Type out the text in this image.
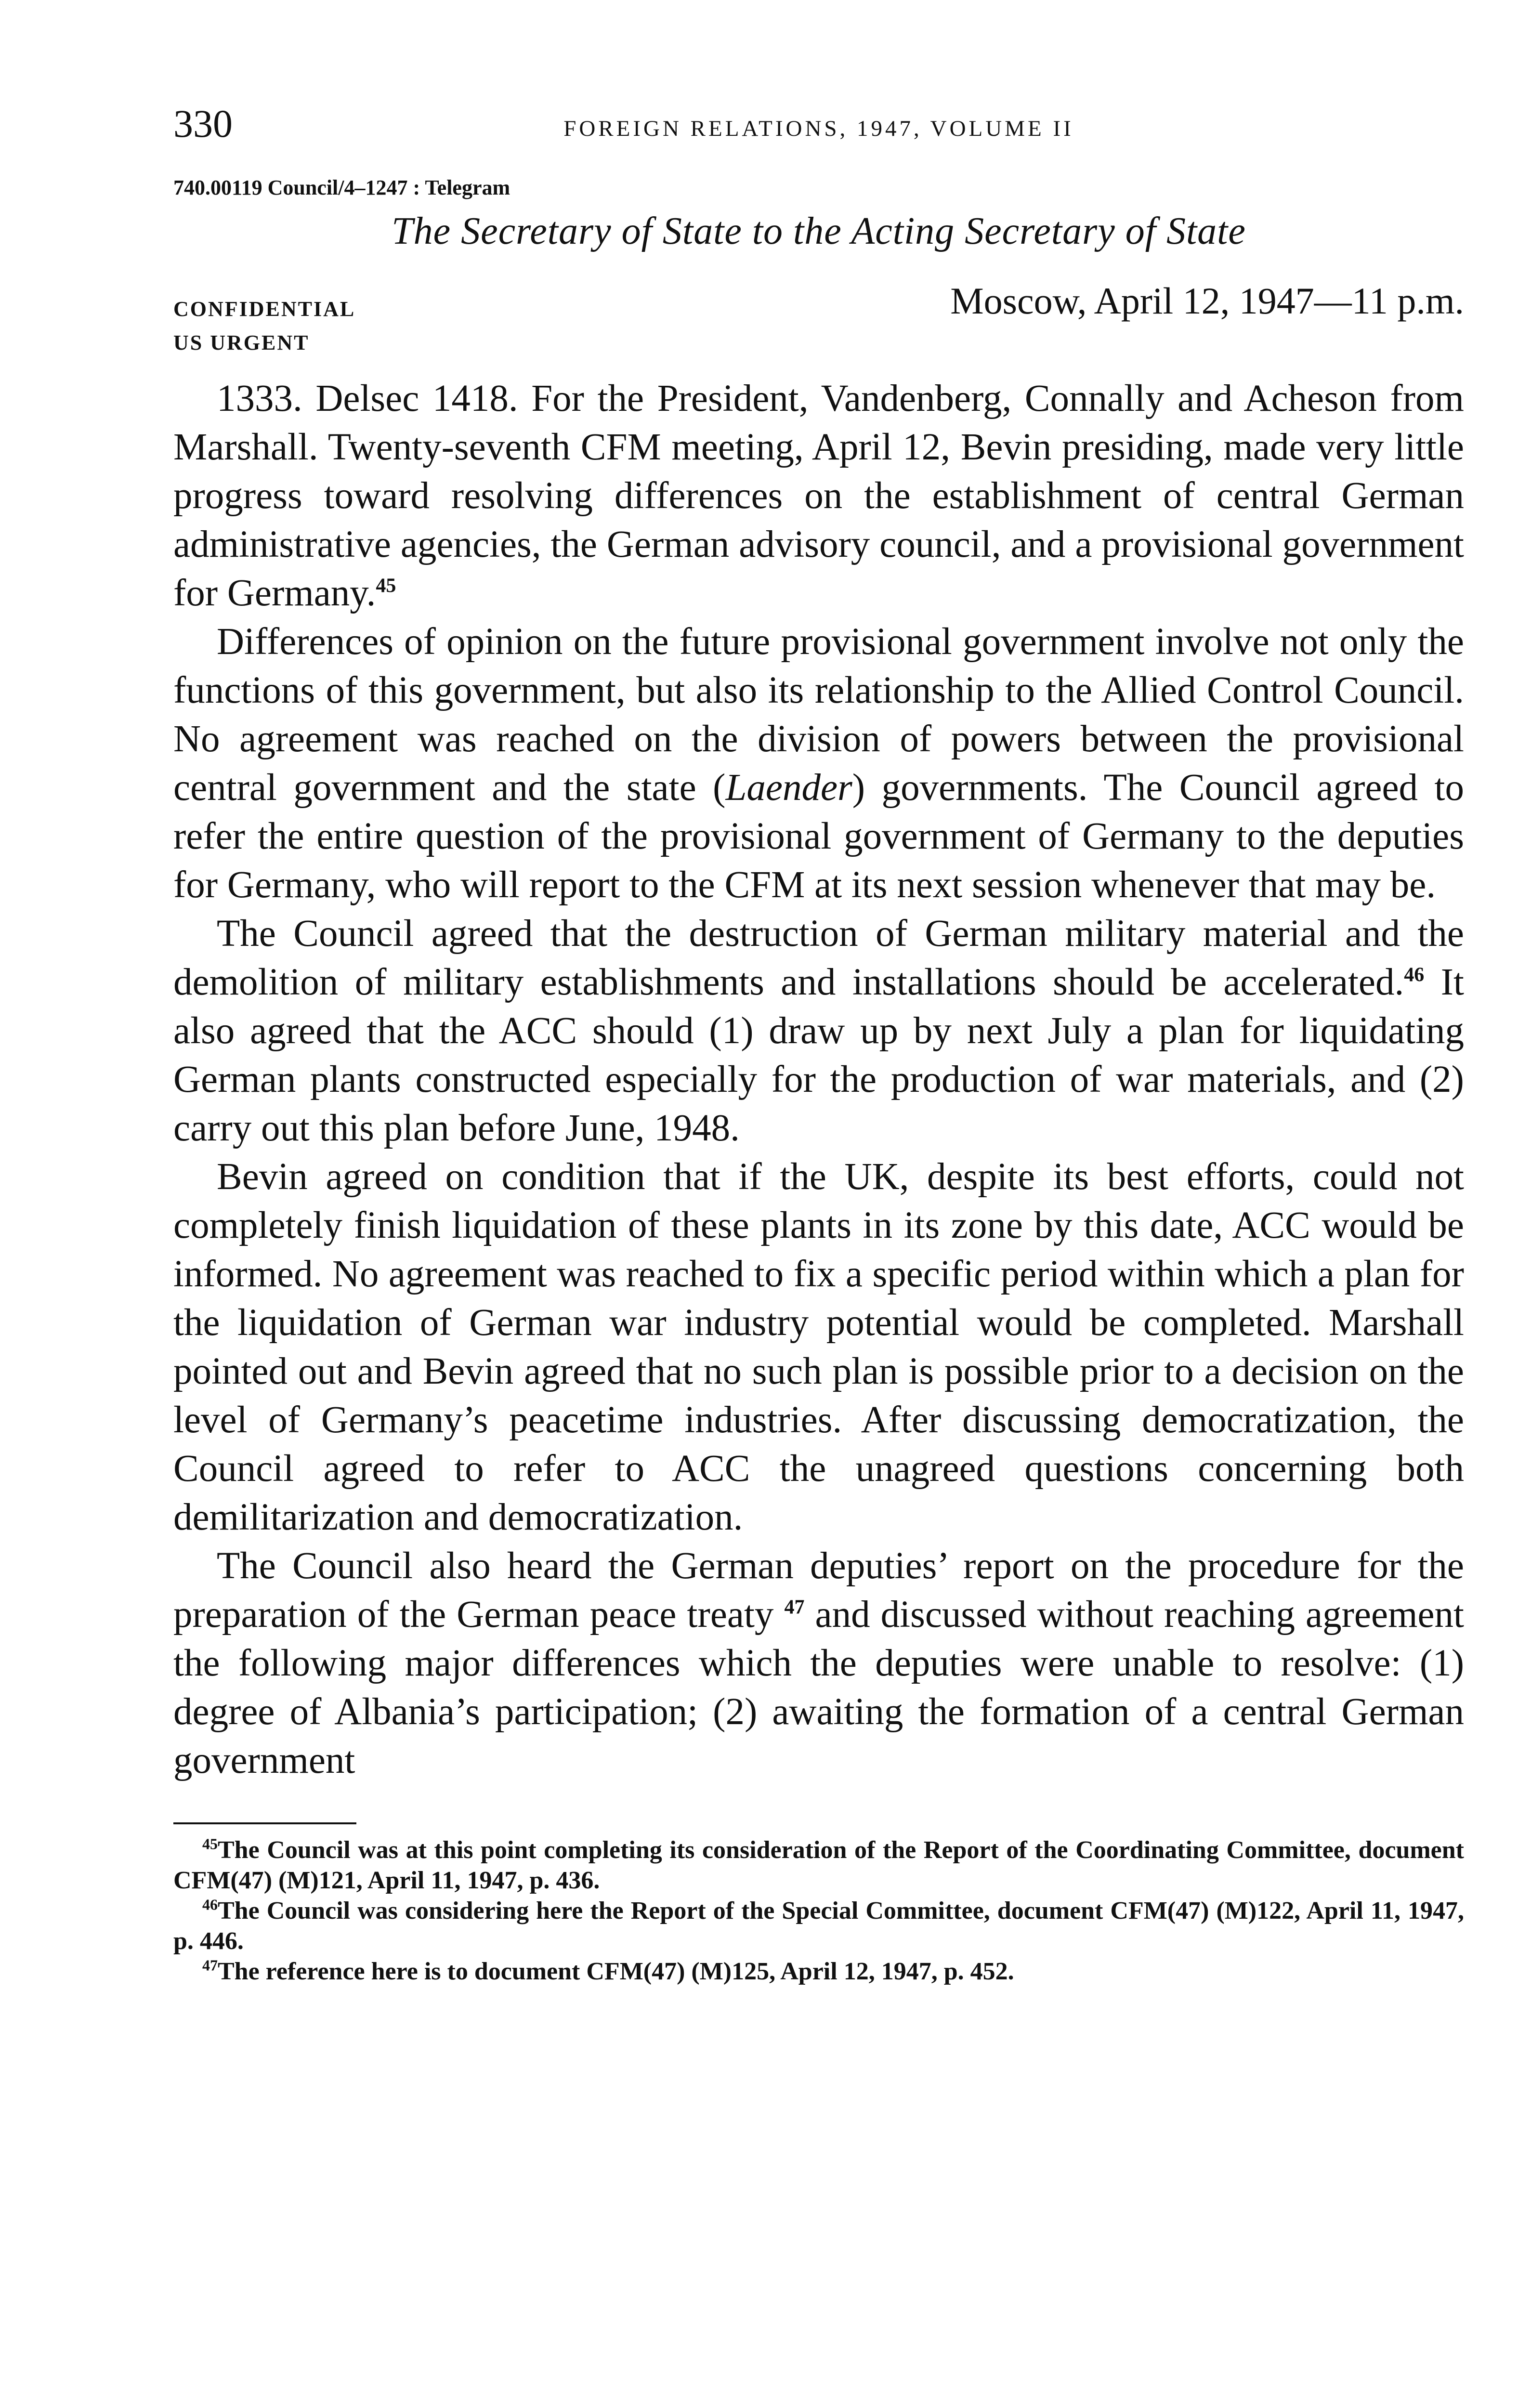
330	FOREIGN RELATIONS, 1947, VOLUME II
740.00119 Council/4–1247 : Telegram
The Secretary of State to the Acting Secretary of State
CONFIDENTIAL	Moscow, April 12, 1947—11 p.m.
US URGENT

1333. Delsec 1418. For the President, Vandenberg, Connally and Acheson from Marshall. Twenty-seventh CFM meeting, April 12, Bevin presiding, made very little progress toward resolving differences on the establishment of central German administrative agencies, the German advisory council, and a provisional government for Germany.$^{45}$

Differences of opinion on the future provisional government involve not only the functions of this government, but also its relationship to the Allied Control Council. No agreement was reached on the division of powers between the provisional central government and the state (Laender) governments. The Council agreed to refer the entire question of the provisional government of Germany to the deputies for Germany, who will report to the CFM at its next session whenever that may be.

The Council agreed that the destruction of German military material and the demolition of military establishments and installations should be accelerated.$^{46}$ It also agreed that the ACC should (1) draw up by next July a plan for liquidating German plants constructed especially for the production of war materials, and (2) carry out this plan before June, 1948.

Bevin agreed on condition that if the UK, despite its best efforts, could not completely finish liquidation of these plants in its zone by this date, ACC would be informed. No agreement was reached to fix a specific period within which a plan for the liquidation of German war industry potential would be completed. Marshall pointed out and Bevin agreed that no such plan is possible prior to a decision on the level of Germany’s peacetime industries. After discussing democratization, the Council agreed to refer to ACC the unagreed questions concerning both demilitarization and democratization.

The Council also heard the German deputies’ report on the procedure for the preparation of the German peace treaty $^{47}$ and discussed without reaching agreement the following major differences which the deputies were unable to resolve: (1) degree of Albania’s participation; (2) awaiting the formation of a central German government

$^{45}$The Council was at this point completing its consideration of the Report of the Coordinating Committee, document CFM(47) (M)121, April 11, 1947, p. 436.

$^{46}$The Council was considering here the Report of the Special Committee, document CFM(47) (M)122, April 11, 1947, p. 446.

$^{47}$The reference here is to document CFM(47) (M)125, April 12, 1947, p. 452.
